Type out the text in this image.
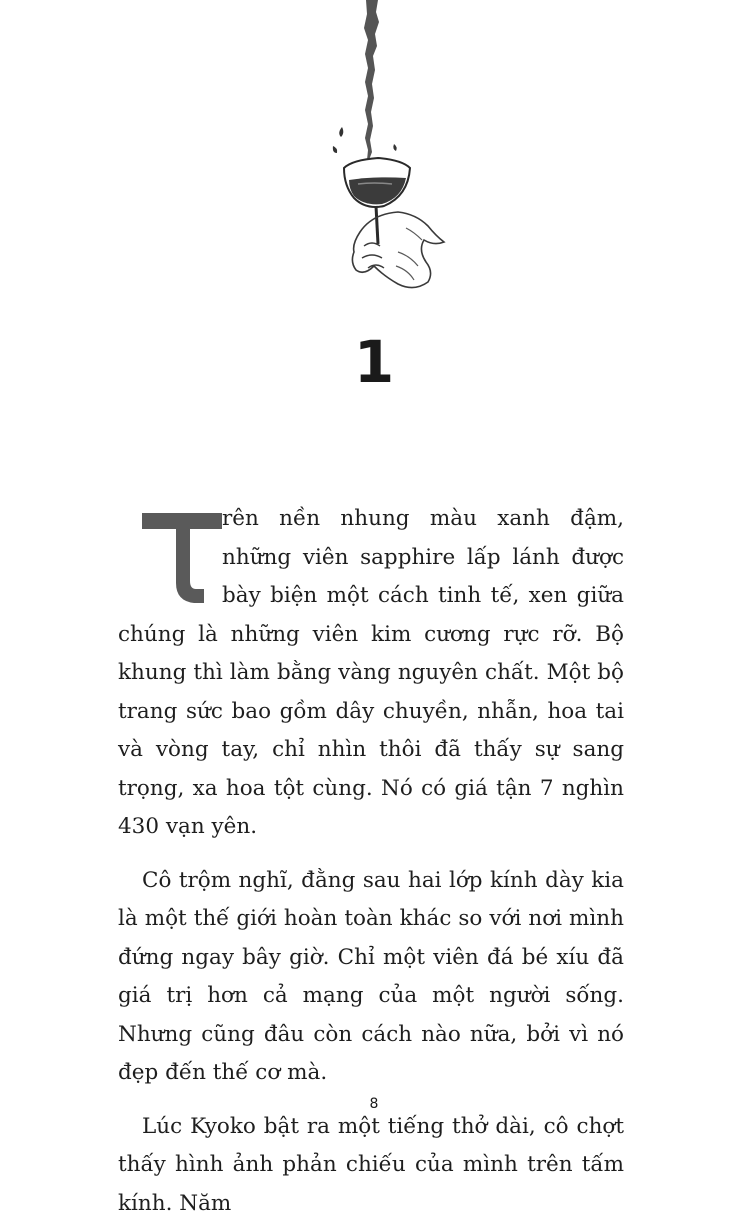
1

rên nền nhung màu xanh đậm, những viên sapphire lấp lánh được bày biện một cách tinh tế, xen giữa chúng là những viên kim cương rực rỡ. Bộ khung thì làm bằng vàng nguyên chất. Một bộ trang sức bao gồm dây chuyền, nhẫn, hoa tai và vòng tay, chỉ nhìn thôi đã thấy sự sang trọng, xa hoa tột cùng. Nó có giá tận 7 nghìn 430 vạn yên.

Cô trộm nghĩ, đằng sau hai lớp kính dày kia là một thế giới hoàn toàn khác so với nơi mình đứng ngay bây giờ. Chỉ một viên đá bé xíu đã giá trị hơn cả mạng của một người sống. Nhưng cũng đâu còn cách nào nữa, bởi vì nó đẹp đến thế cơ mà.

Lúc Kyoko bật ra một tiếng thở dài, cô chợt thấy hình ảnh phản chiếu của mình trên tấm kính. Năm

8
